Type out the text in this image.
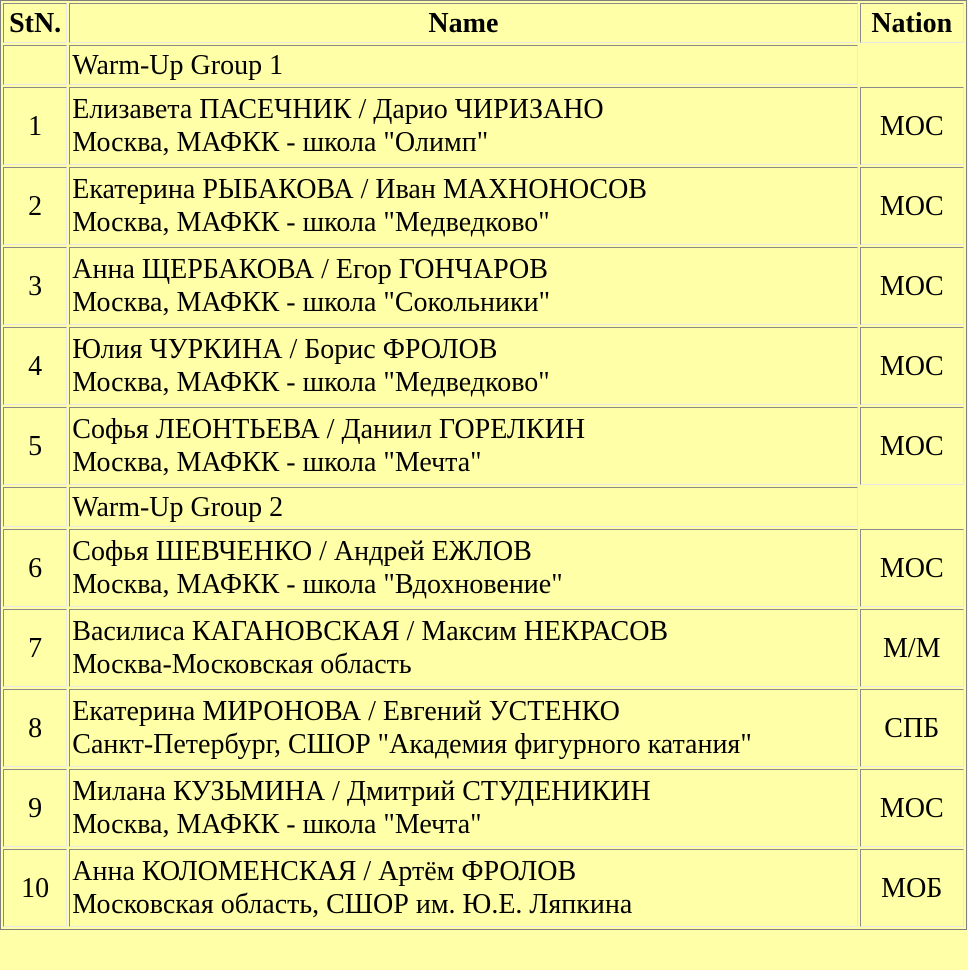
StN.	Name	Nation
	Warm-Up Group 1	
1	Елизавета ПАСЕЧНИК / Дарио ЧИРИЗАНО
Москва, МАФКК - школа "Олимп"	MOC
2	Екатерина РЫБАКОВА / Иван МАХНОНОСОВ
Москва, МАФКК - школа "Медведково"	MOC
3	Анна ЩЕРБАКОВА / Егор ГОНЧАРОВ
Москва, МАФКК - школа "Сокольники"	MOC
4	Юлия ЧУРКИНА / Борис ФРОЛОВ
Москва, МАФКК - школа "Медведково"	MOC
5	Софья ЛЕОНТЬЕВА / Даниил ГОРЕЛКИН
Москва, МАФКК - школа "Мечта"	MOC
	Warm-Up Group 2	
6	Софья ШЕВЧЕНКО / Андрей ЕЖЛОВ
Москва, МАФКК - школа "Вдохновение"	MOC
7	Василиса КАГАНОВСКАЯ / Максим НЕКРАСОВ
Москва-Московская область	M/M
8	Екатерина МИРОНОВА / Евгений УСТЕНКО
Санкт-Петербург, СШОР "Академия фигурного катания"	СПБ
9	Милана КУЗЬМИНА / Дмитрий СТУДЕНИКИН
Москва, МАФКК - школа "Мечта"	MOC
10	Анна КОЛОМЕНСКАЯ / Артём ФРОЛОВ
Московская область, СШОР им. Ю.Е. Ляпкина	МОБ
